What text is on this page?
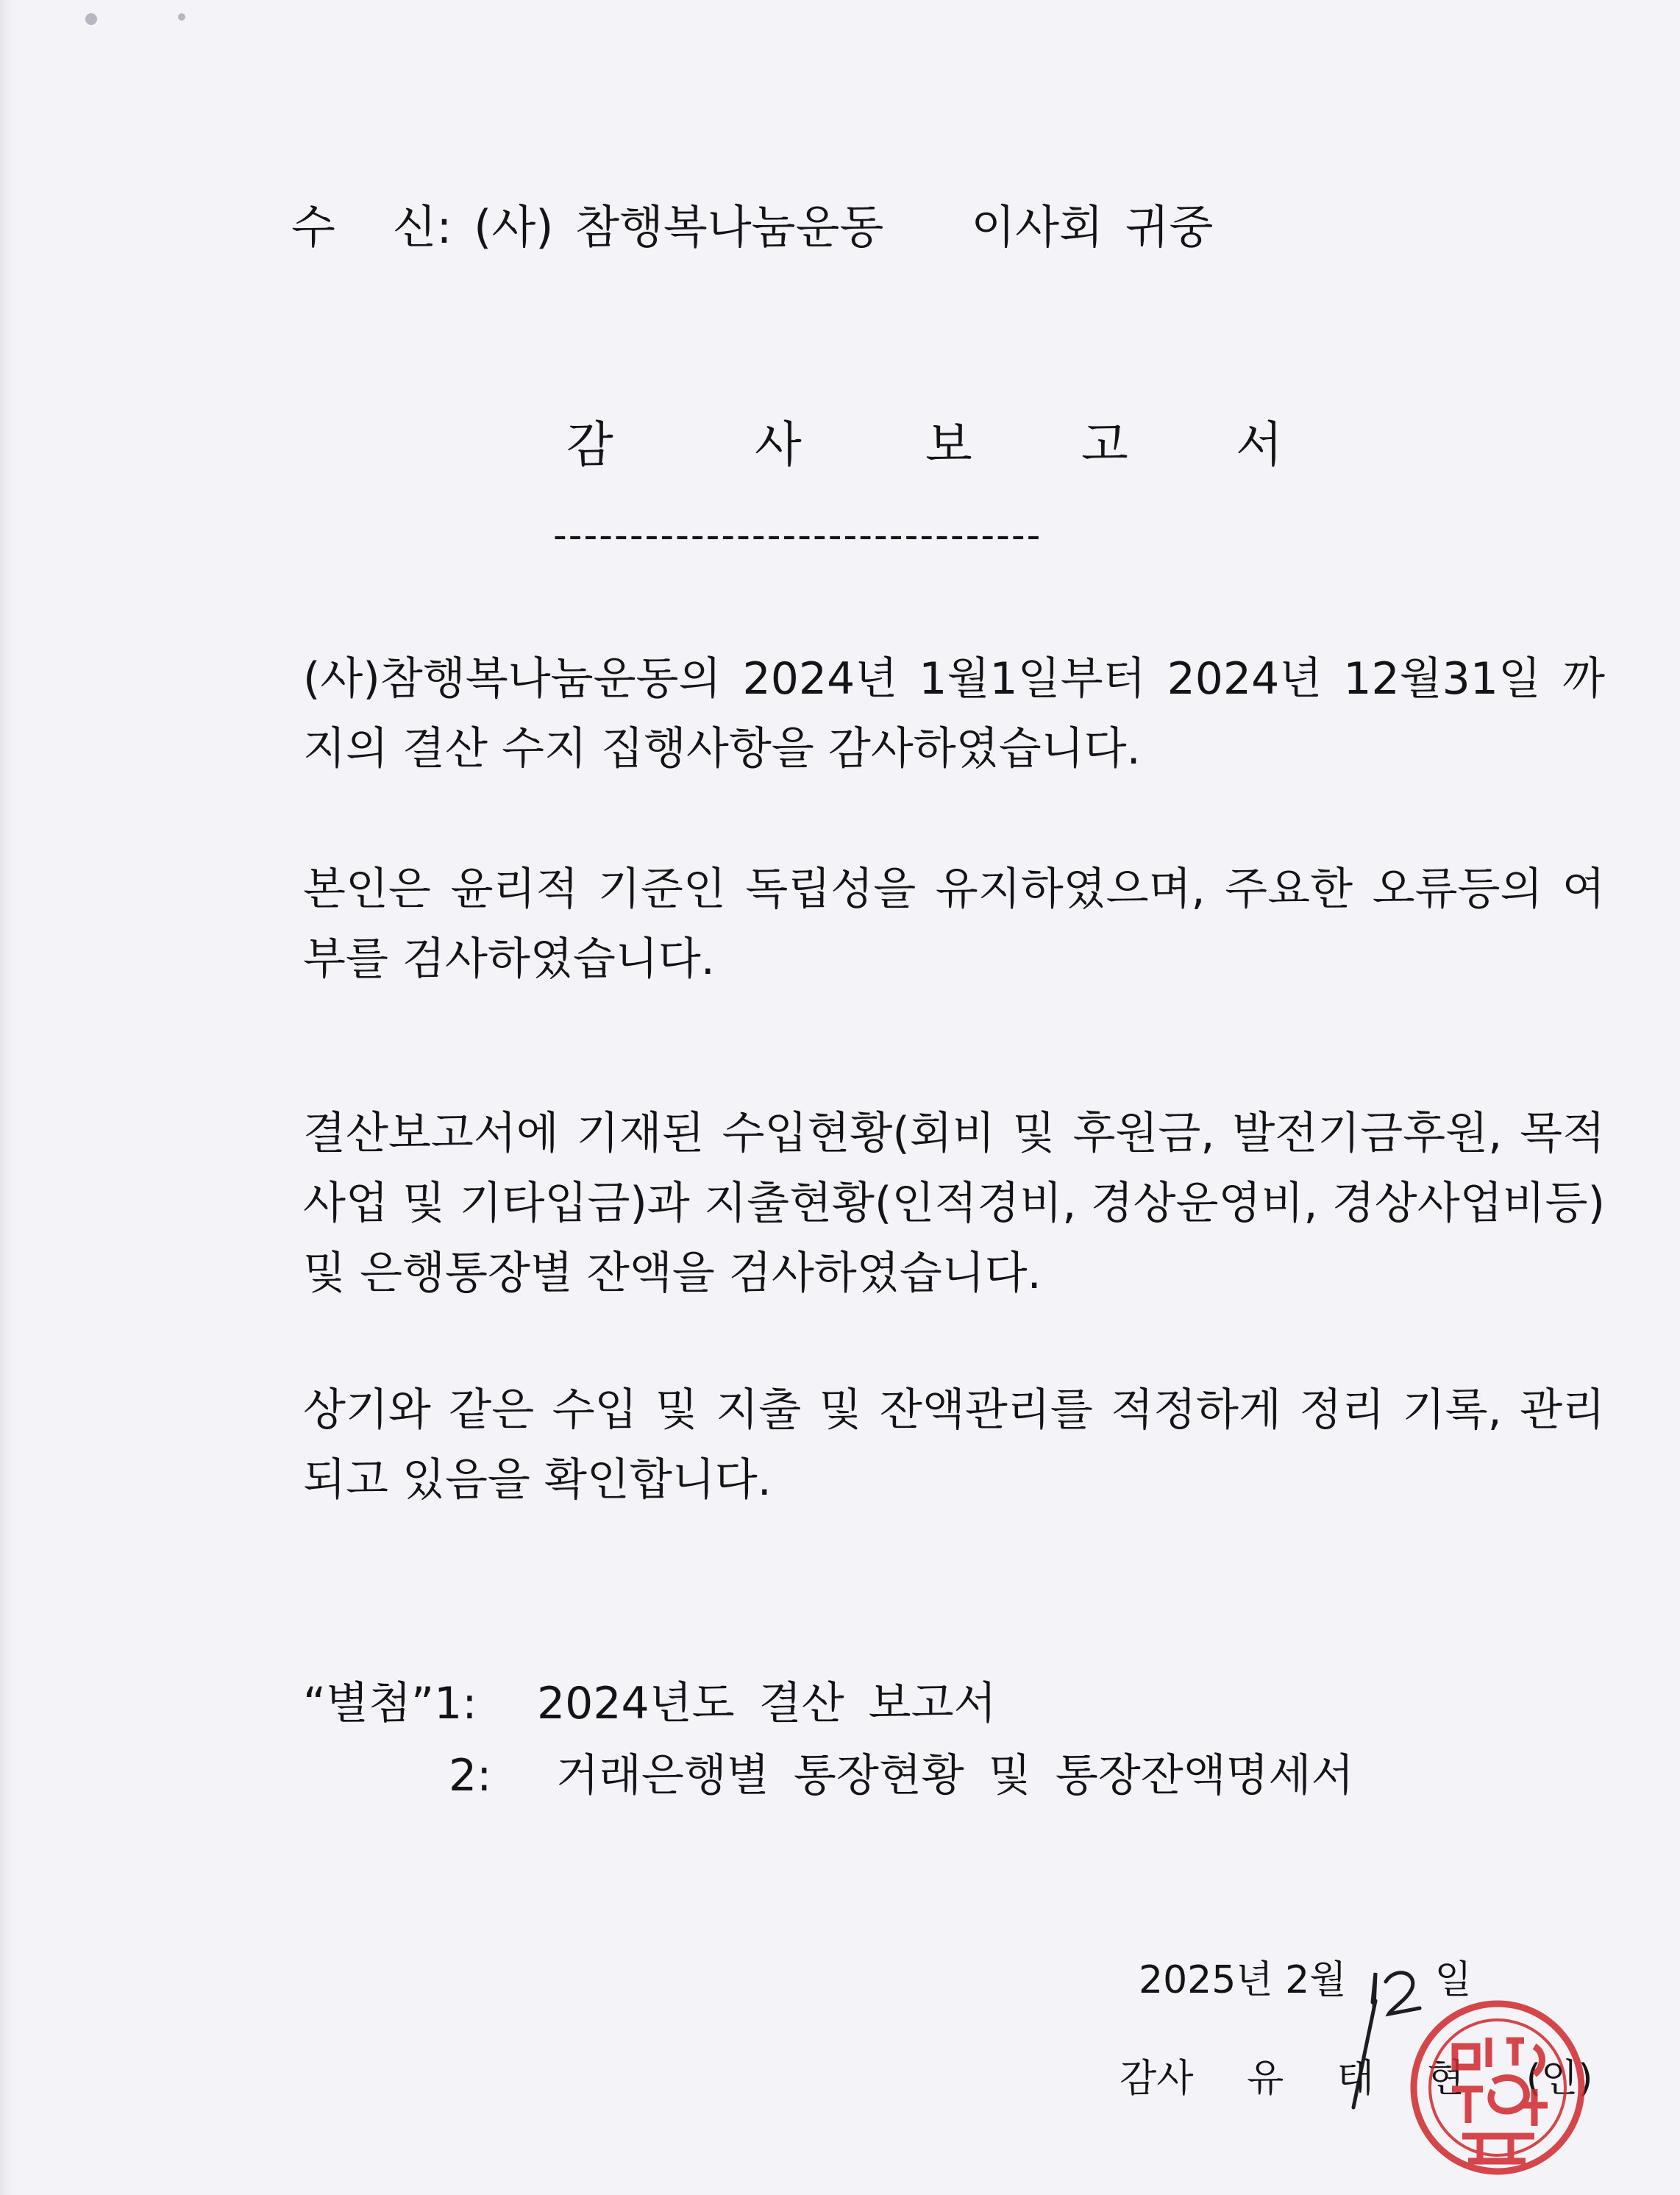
수 신: (사) 참행복나눔운동 이사회 귀중
감	사	보 고 서
--------------------------------
(사)참행복나눔운동의 2024년 1월1일부터 2024년 12월31일 까지의 결산 수지 집행사항을 감사하였습니다.
본인은 윤리적 기준인 독립성을 유지하였으며, 주요한 오류등의 여부를 검사하였습니다.
결산보고서에 기재된 수입현황(회비 및 후원금, 발전기금후원, 목적사업 및 기타입금)과 지출현황(인적경비, 경상운영비, 경상사업비등) 및 은행통장별 잔액을 검사하였습니다.
상기와 같은 수입 및 지출 및 잔액관리를 적정하게 정리 기록, 관리되고 있음을 확인합니다.
“별첨”1: 2024년도 결산 보고서
2: 거래은행별 통장현황 및 통장잔액명세서
2025년 2월 일
감사 유 태 현 (인)
